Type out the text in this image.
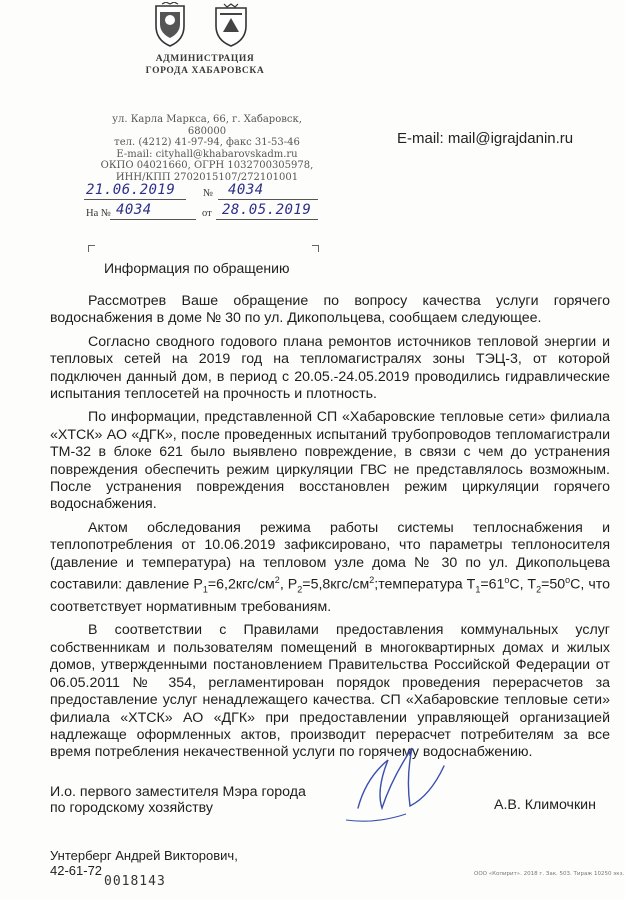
АДМИНИСТРАЦИЯ
ГОРОДА ХАБАРОВСКА
ул. Карла Маркса, 66, г. Хабаровск, 680000
тел. (4212) 41-97-94, факс 31-53-46
E-mail: cityhall@khabarovskadm.ru
ОКПО 04021660, ОГРН 1032700305978,
ИНН/КПП 2702015107/272101001
E-mail: mail@igrajdanin.ru
21.06.2019	№ 4034
На № 4034	от 28.05.2019
Информация по обращению

Рассмотрев Ваше обращение по вопросу качества услуги горячего водоснабжения в доме № 30 по ул. Дикопольцева, сообщаем следующее.

Согласно сводного годового плана ремонтов источников тепловой энергии и тепловых сетей на 2019 год на тепломагистралях зоны ТЭЦ-3, от которой подключен данный дом, в период с 20.05.-24.05.2019 проводились гидравлические испытания теплосетей на прочность и плотность.

По информации, представленной СП «Хабаровские тепловые сети» филиала «ХТСК» АО «ДГК», после проведенных испытаний трубопроводов тепломагистрали ТМ-32 в блоке 621 было выявлено повреждение, в связи с чем до устранения повреждения обеспечить режим циркуляции ГВС не представлялось возможным. После устранения повреждения восстановлен режим циркуляции горячего водоснабжения.

Актом обследования режима работы системы теплоснабжения и теплопотребления от 10.06.2019 зафиксировано, что параметры теплоносителя (давление и температура) на тепловом узле дома № 30 по ул. Дикопольцева составили: давление $P_1=6,2кгс/см^2$, $P_2=5,8кгс/см^2;температура$ $T_1=61^oC$, $T_2=50^oC$, что соответствует нормативным требованиям.

В соответствии с Правилами предоставления коммунальных услуг собственникам и пользователям помещений в многоквартирных домах и жилых домов, утвержденными постановлением Правительства Российской Федерации от 06.05.2011 № 354, регламентирован порядок проведения перерасчетов за предоставление услуг ненадлежащего качества. СП «Хабаровские тепловые сети» филиала «ХТСК» АО «ДГК» при предоставлении управляющей организацией надлежаще оформленных актов, производит перерасчет потребителям за все время потребления некачественной услуги по горячему водоснабжению.

И.о. первого заместителя Мэра города
по городскому хозяйству	А.В. Климочкин
Унтерберг Андрей Викторович,
42-61-72
0018143	ООО «Копирит». 2018 г. Зак. 503. Тираж 10250 экз.
